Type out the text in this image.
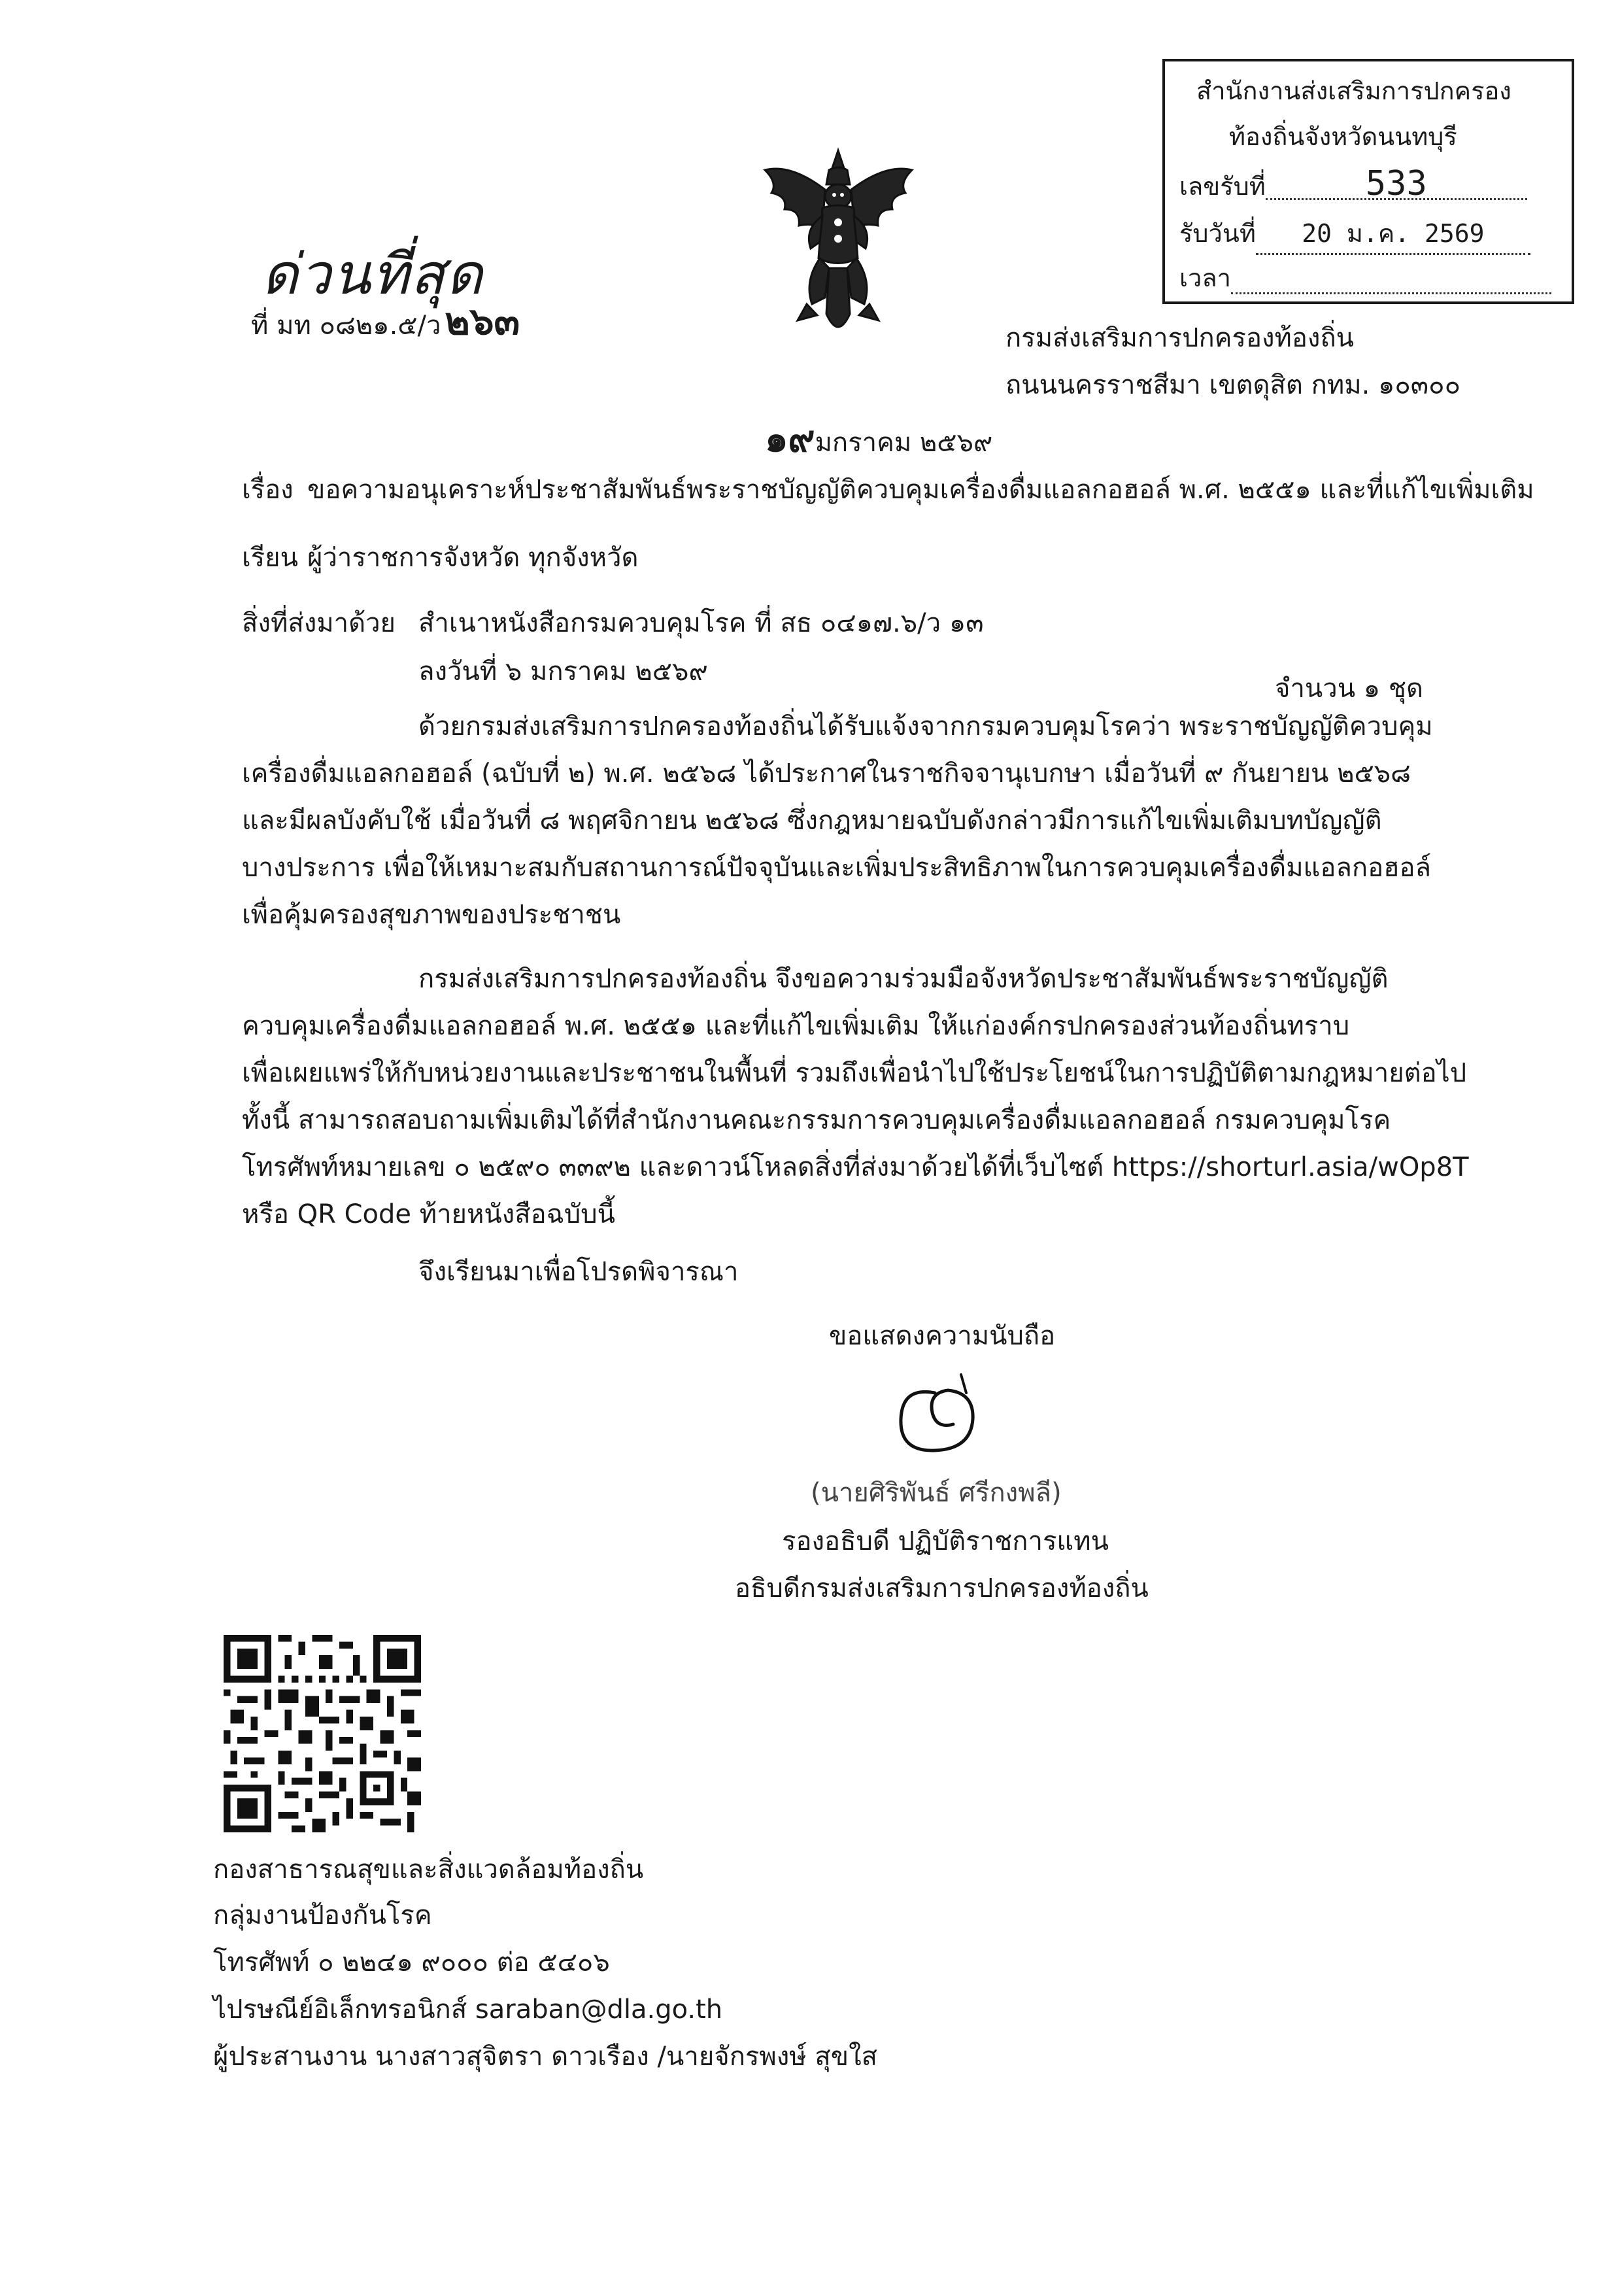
สำนักงานส่งเสริมการปกครอง
ท้องถิ่นจังหวัดนนทบุรี
เลขรับที่	533
รับวันที่ 20 ม.ค. 2569
เวลา
ด่วนที่สุด
ที่ มท ๐๘๒๑.๕/ว ๒๖๓	กรมส่งเสริมการปกครองท้องถิ่น
ถนนนครราชสีมา เขตดุสิต กทม. ๑๐๓๐๐
๑๙มกราคม ๒๕๖๙
เรื่อง ขอความอนุเคราะห์ประชาสัมพันธ์พระราชบัญญัติควบคุมเครื่องดื่มแอลกอฮอล์ พ.ศ. ๒๕๕๑ และที่แก้ไขเพิ่มเติม
เรียน ผู้ว่าราชการจังหวัด ทุกจังหวัด
สิ่งที่ส่งมาด้วย สำเนาหนังสือกรมควบคุมโรค ที่ สธ ๐๔๑๗.๖/ว ๑๓
ลงวันที่ ๖ มกราคม ๒๕๖๙
จำนวน ๑ ชุด
ด้วยกรมส่งเสริมการปกครองท้องถิ่นได้รับแจ้งจากกรมควบคุมโรคว่า พระราชบัญญัติควบคุม
เครื่องดื่มแอลกอฮอล์ (ฉบับที่ ๒) พ.ศ. ๒๕๖๘ ได้ประกาศในราชกิจจานุเบกษา เมื่อวันที่ ๙ กันยายน ๒๕๖๘
และมีผลบังคับใช้ เมื่อวันที่ ๘ พฤศจิกายน ๒๕๖๘ ซึ่งกฎหมายฉบับดังกล่าวมีการแก้ไขเพิ่มเติมบทบัญญัติ
บางประการ เพื่อให้เหมาะสมกับสถานการณ์ปัจจุบันและเพิ่มประสิทธิภาพในการควบคุมเครื่องดื่มแอลกอฮอล์
เพื่อคุ้มครองสุขภาพของประชาชน
กรมส่งเสริมการปกครองท้องถิ่น จึงขอความร่วมมือจังหวัดประชาสัมพันธ์พระราชบัญญัติ
ควบคุมเครื่องดื่มแอลกอฮอล์ พ.ศ. ๒๕๕๑ และที่แก้ไขเพิ่มเติม ให้แก่องค์กรปกครองส่วนท้องถิ่นทราบ
เพื่อเผยแพร่ให้กับหน่วยงานและประชาชนในพื้นที่ รวมถึงเพื่อนำไปใช้ประโยชน์ในการปฏิบัติตามกฎหมายต่อไป
ทั้งนี้ สามารถสอบถามเพิ่มเติมได้ที่สำนักงานคณะกรรมการควบคุมเครื่องดื่มแอลกอฮอล์ กรมควบคุมโรค
โทรศัพท์หมายเลข ๐ ๒๕๙๐ ๓๓๙๒ และดาวน์โหลดสิ่งที่ส่งมาด้วยได้ที่เว็บไซต์ https://shorturl.asia/wOp8T
หรือ QR Code ท้ายหนังสือฉบับนี้
จึงเรียนมาเพื่อโปรดพิจารณา
ขอแสดงความนับถือ
(นายศิริพันธ์ ศรีกงพลี)
รองอธิบดี ปฏิบัติราชการแทน
อธิบดีกรมส่งเสริมการปกครองท้องถิ่น
กองสาธารณสุขและสิ่งแวดล้อมท้องถิ่น
กลุ่มงานป้องกันโรค
โทรศัพท์ ๐ ๒๒๔๑ ๙๐๐๐ ต่อ ๕๔๐๖
ไปรษณีย์อิเล็กทรอนิกส์ saraban@dla.go.th
ผู้ประสานงาน นางสาวสุจิตรา ดาวเรือง /นายจักรพงษ์ สุขใส
